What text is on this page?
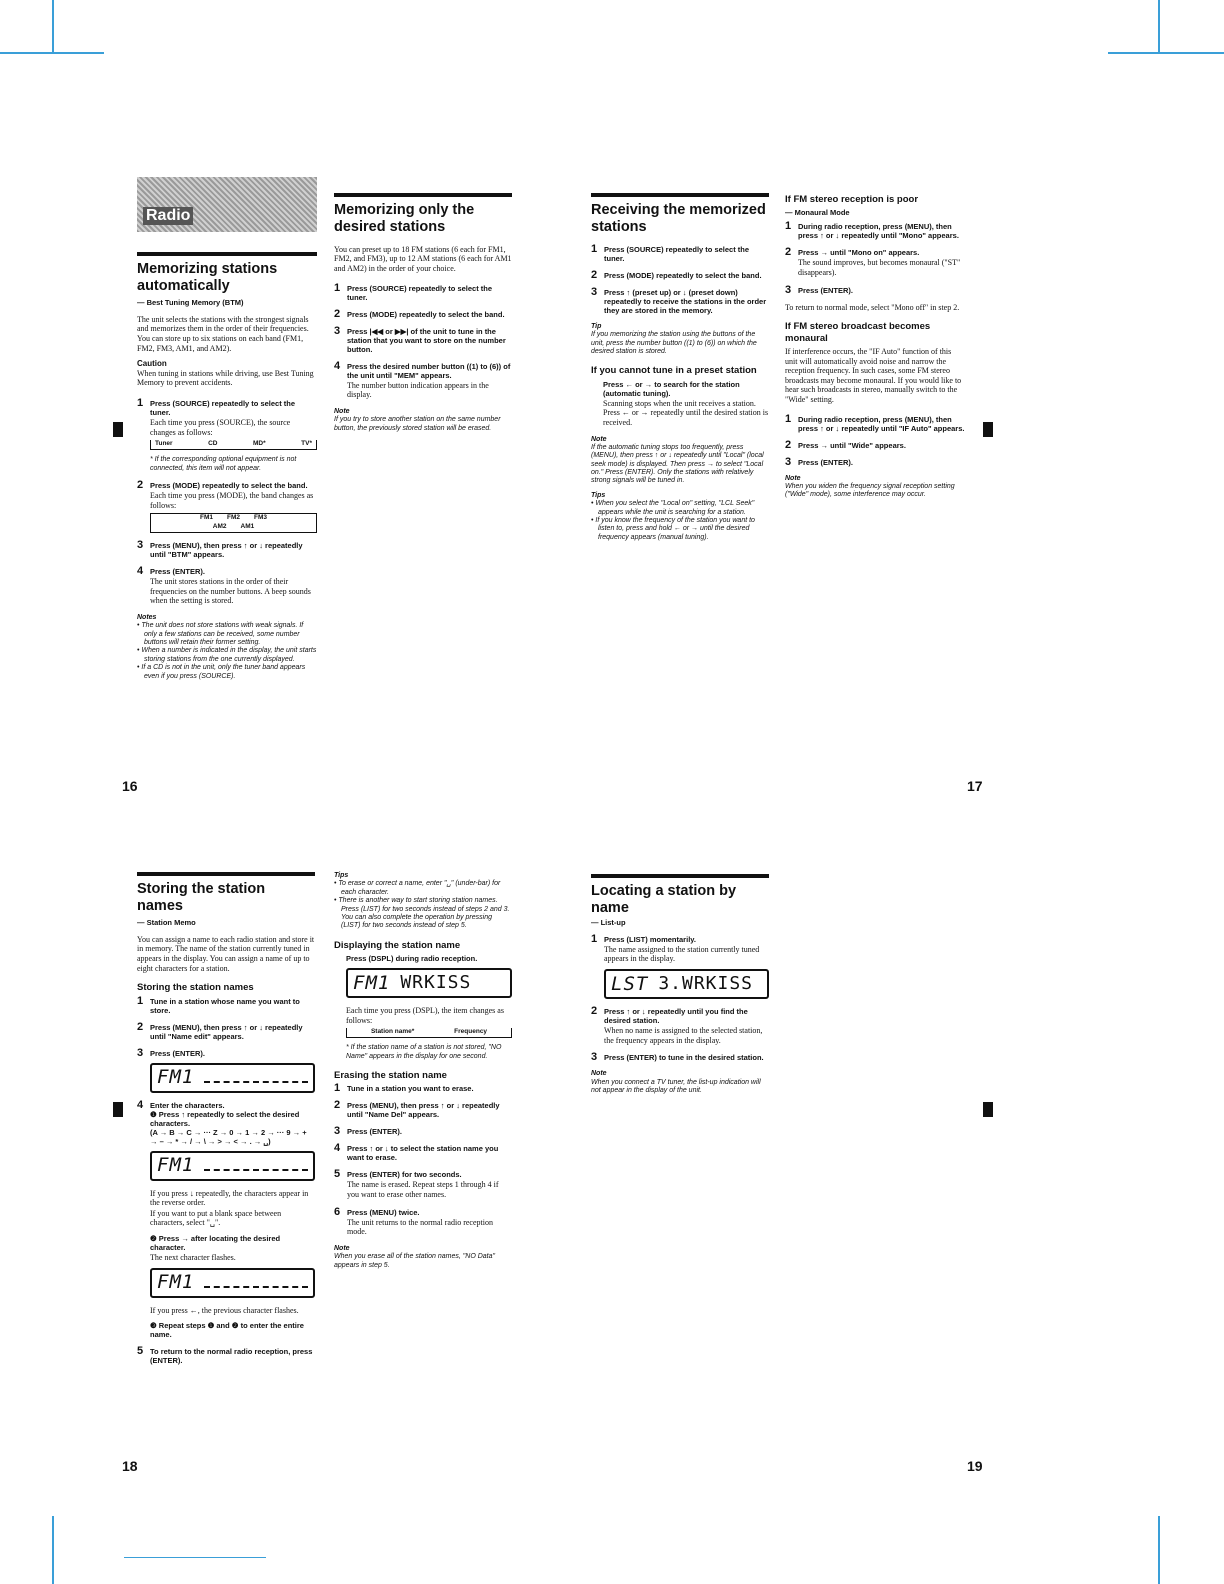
16	17
18	19
Radio
Memorizing stations automatically
— Best Tuning Memory (BTM)

The unit selects the stations with the strongest signals and memorizes them in the order of their frequencies. You can store up to six stations on each band (FM1, FM2, FM3, AM1, and AM2).

Caution

When tuning in stations while driving, use Best Tuning Memory to prevent accidents.

1 Press (SOURCE) repeatedly to select the tuner.
Each time you press (SOURCE), the source changes as follows:
Tuner	CD	MD*	TV*
* If the corresponding optional equipment is not connected, this item will not appear.
2 Press (MODE) repeatedly to select the band.
Each time you press (MODE), the band changes as follows:
FM1 FM2 FM3
AM2 AM1
3 Press (MENU), then press ↑ or ↓ repeatedly until "BTM" appears.
4 Press (ENTER).
The unit stores stations in the order of their frequencies on the number buttons. A beep sounds when the setting is stored.
Notes

• The unit does not store stations with weak signals. If only a few stations can be received, some number buttons will retain their former setting.

• When a number is indicated in the display, the unit starts storing stations from the one currently displayed.

• If a CD is not in the unit, only the tuner band appears even if you press (SOURCE).

Memorizing only the desired stations

You can preset up to 18 FM stations (6 each for FM1, FM2, and FM3), up to 12 AM stations (6 each for AM1 and AM2) in the order of your choice.

1 Press (SOURCE) repeatedly to select the tuner.
2 Press (MODE) repeatedly to select the band.
3 Press |◀◀ or ▶▶| of the unit to tune in the station that you want to store on the number button.
4 Press the desired number button ((1) to (6)) of the unit until "MEM" appears.
The number button indication appears in the display.
Note

If you try to store another station on the same number button, the previously stored station will be erased.

Receiving the memorized stations
1 Press (SOURCE) repeatedly to select the tuner.
2 Press (MODE) repeatedly to select the band.
3 Press ↑ (preset up) or ↓ (preset down) repeatedly to receive the stations in the order they are stored in the memory.
Tip

If you memorizing the station using the buttons of the unit, press the number button ((1) to (6)) on which the desired station is stored.

If you cannot tune in a preset station
Press ← or → to search for the station (automatic tuning).
Scanning stops when the unit receives a station. Press ← or → repeatedly until the desired station is received.
Note

If the automatic tuning stops too frequently, press (MENU), then press ↑ or ↓ repeatedly until "Local" (local seek mode) is displayed. Then press → to select "Local on." Press (ENTER). Only the stations with relatively strong signals will be tuned in.

Tips

• When you select the "Local on" setting, "LCL Seek" appears while the unit is searching for a station.

• If you know the frequency of the station you want to listen to, press and hold ← or → until the desired frequency appears (manual tuning).

If FM stereo reception is poor
— Monaural Mode
1 During radio reception, press (MENU), then press ↑ or ↓ repeatedly until "Mono" appears.
2 Press → until "Mono on" appears.
The sound improves, but becomes monaural ("ST" disappears).
3 Press (ENTER).

To return to normal mode, select "Mono off" in step 2.

If FM stereo broadcast becomes monaural

If interference occurs, the "IF Auto" function of this unit will automatically avoid noise and narrow the reception frequency. In such cases, some FM stereo broadcasts may become monaural. If you would like to hear such broadcasts in stereo, manually switch to the "Wide" setting.

1 During radio reception, press (MENU), then press ↑ or ↓ repeatedly until "IF Auto" appears.
2 Press → until "Wide" appears.
3 Press (ENTER).
Note

When you widen the frequency signal reception setting ("Wide" mode), some interference may occur.

Storing the station names
— Station Memo

You can assign a name to each radio station and store it in memory. The name of the station currently tuned in appears in the display. You can assign a name of up to eight characters for a station.

Storing the station names
1 Tune in a station whose name you want to store.
2 Press (MENU), then press ↑ or ↓ repeatedly until "Name edit" appears.
3 Press (ENTER).
FM1
4 Enter the characters.
❶ Press ↑ repeatedly to select the desired characters.
(A → B → C → ··· Z → 0 → 1 → 2 → ··· 9 → + → – → * → / → \ → > → < → . → ␣)
FM1
If you press ↓ repeatedly, the characters appear in the reverse order.
If you want to put a blank space between characters, select "␣".
❷ Press → after locating the desired character.
The next character flashes.
FM1
If you press ←, the previous character flashes.
❸ Repeat steps ❶ and ❷ to enter the entire name.
5 To return to the normal radio reception, press (ENTER).
Tips

• To erase or correct a name, enter "␣" (under-bar) for each character.

• There is another way to start storing station names. Press (LIST) for two seconds instead of steps 2 and 3. You can also complete the operation by pressing (LIST) for two seconds instead of step 5.

Displaying the station name
Press (DSPL) during radio reception.
FM1 WRKISS
Each time you press (DSPL), the item changes as follows:
Station name*	Frequency
* If the station name of a station is not stored, "NO Name" appears in the display for one second.
Erasing the station name
1 Tune in a station you want to erase.
2 Press (MENU), then press ↑ or ↓ repeatedly until "Name Del" appears.
3 Press (ENTER).
4 Press ↑ or ↓ to select the station name you want to erase.
5 Press (ENTER) for two seconds.
The name is erased. Repeat steps 1 through 4 if you want to erase other names.
6 Press (MENU) twice.
The unit returns to the normal radio reception mode.
Note

When you erase all of the station names, "NO Data" appears in step 5.

Locating a station by name
— List-up
1 Press (LIST) momentarily.
The name assigned to the station currently tuned appears in the display.
LST 3.WRKISS
2 Press ↑ or ↓ repeatedly until you find the desired station.
When no name is assigned to the selected station, the frequency appears in the display.
3 Press (ENTER) to tune in the desired station.
Note

When you connect a TV tuner, the list-up indication will not appear in the display of the unit.
